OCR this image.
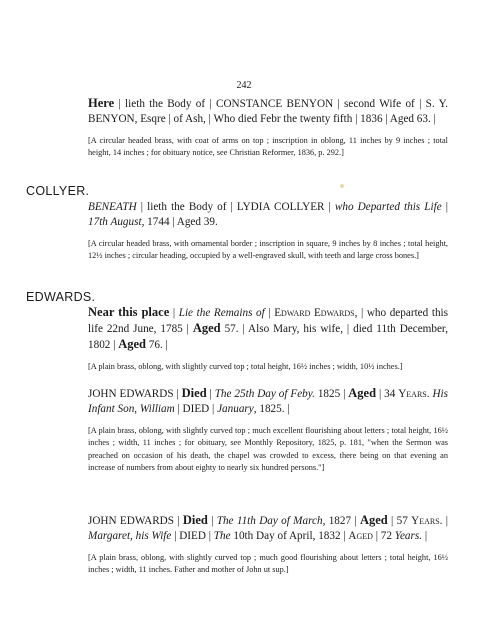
242

Here | lieth the Body of | CONSTANCE BENYON | second Wife of | S. Y. BENYON, Esqre | of Ash, | Who died Febr the twenty fifth | 1836 | Aged 63. |

[A circular headed brass, with coat of arms on top ; inscription in oblong, 11 inches by 9 inches ; total height, 14 inches ; for obituary notice, see Christian Reformer, 1836, p. 292.]

COLLYER.

BENEATH | lieth the Body of | LYDIA COLLYER | who Departed this Life | 17th August, 1744 | Aged 39.

[A circular headed brass, with ornamental border ; inscription in square, 9 inches by 8 inches ; total height, 12½ inches ; circular heading, occupied by a well-engraved skull, with teeth and large cross bones.]

EDWARDS.

Near this place | Lie the Remains of | Edward Edwards, | who departed this life 22nd June, 1785 | Aged 57. | Also Mary, his wife, | died 11th December, 1802 | Aged 76. |

[A plain brass, oblong, with slightly curved top ; total height, 16½ inches ; width, 10½ inches.]

JOHN EDWARDS | Died | The 25th Day of Feby. 1825 | Aged | 34 Years. His Infant Son, William | DIED | January, 1825. |

[A plain brass, oblong, with slightly curved top ; much excellent flourishing about letters ; total height, 16½ inches ; width, 11 inches ; for obituary, see Monthly Repository, 1825, p. 181, "when the Sermon was preached on occasion of his death, the chapel was crowded to excess, there being on that evening an increase of numbers from about eighty to nearly six hundred persons."]

JOHN EDWARDS | Died | The 11th Day of March, 1827 | Aged | 57 Years. | Margaret, his Wife | DIED | The 10th Day of April, 1832 | Aged | 72 Years. |

[A plain brass, oblong, with slightly curved top ; much good flourishing about letters ; total height, 16½ inches ; width, 11 inches. Father and mother of John ut sup.]
